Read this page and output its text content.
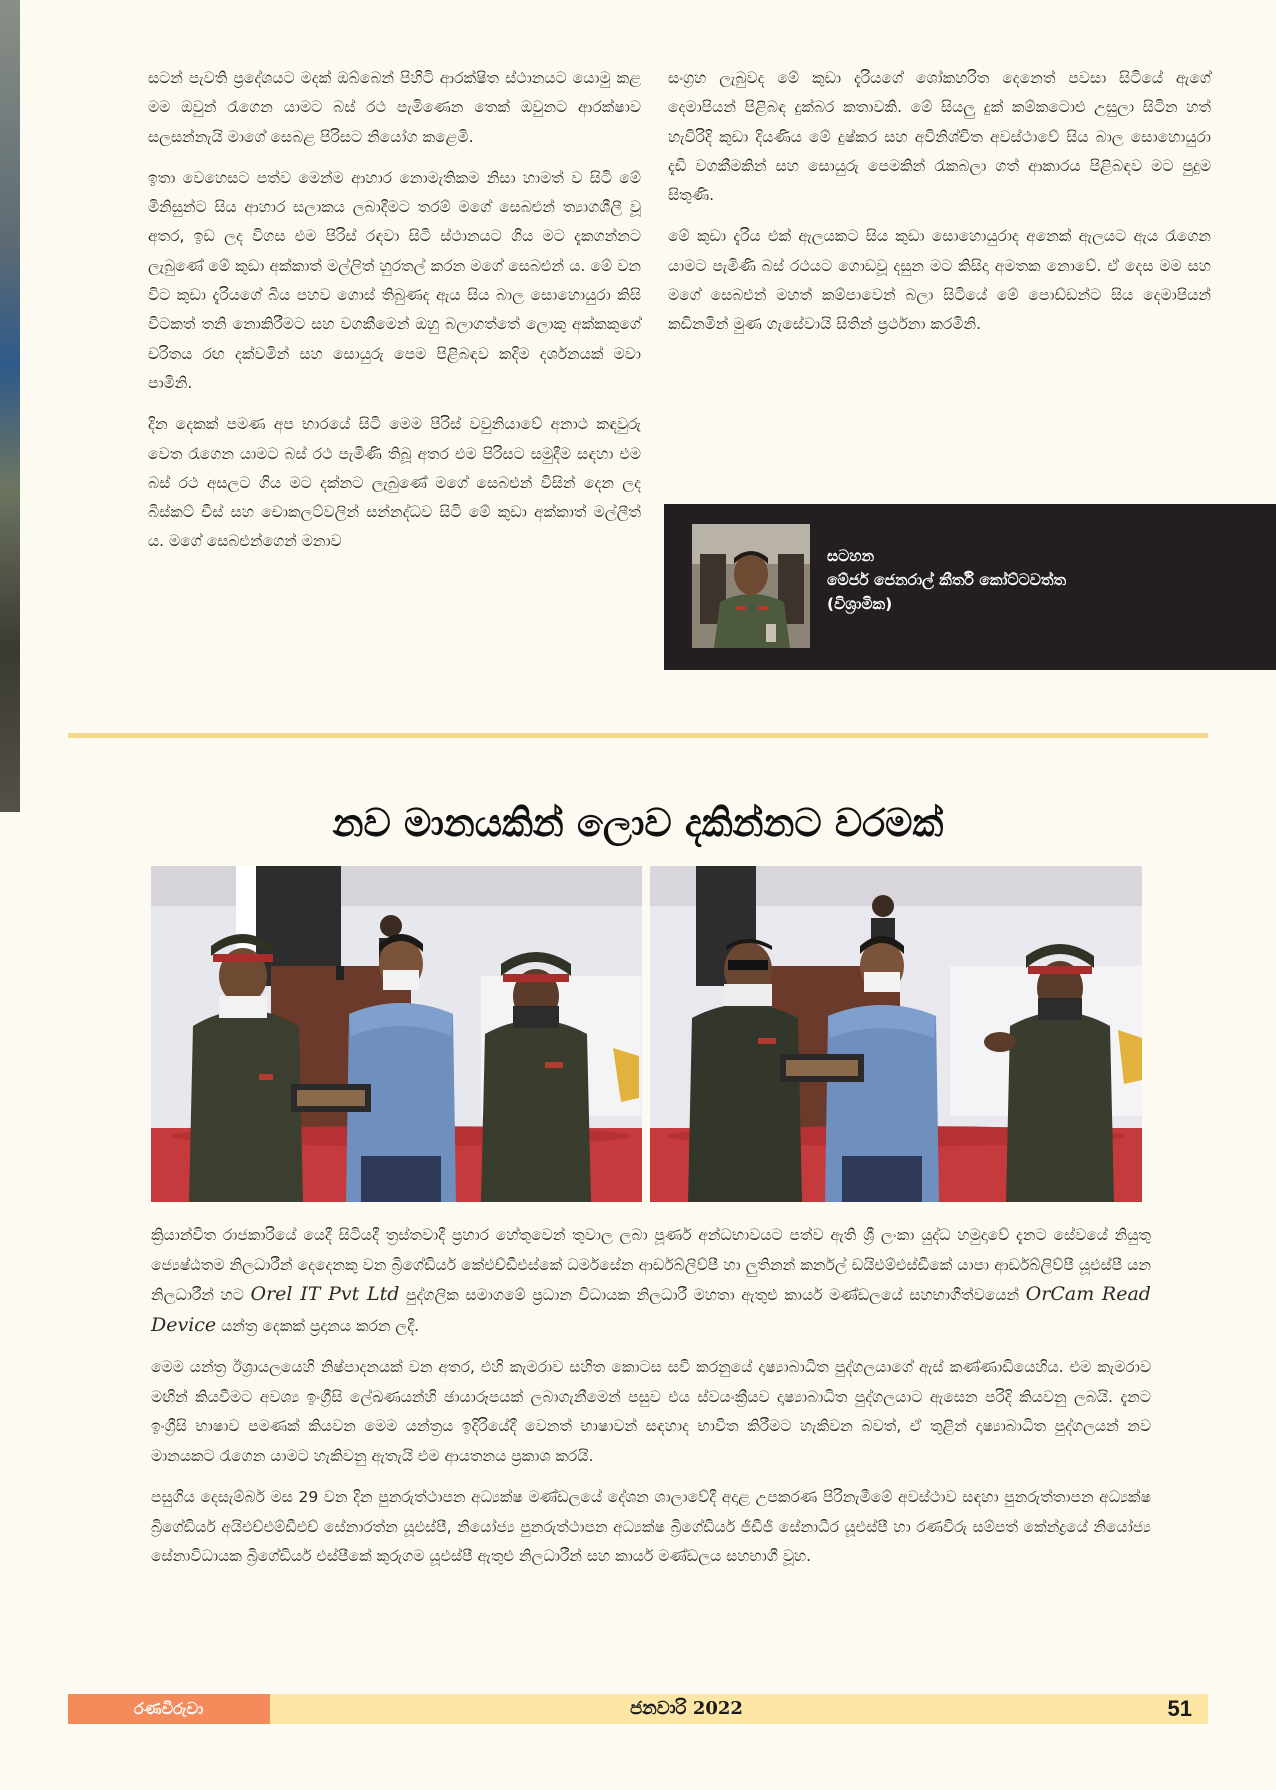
සටන් පැවති ප්‍රදේශයට මදක් ඔබ්බෙන් පිහිටි ආරක්ෂිත ස්ථානයට යොමු කළ මම ඔවුන් රැගෙන යාමට බස් රථ පැමිණෙන තෙක් ඔවුනට ආරක්ෂාව සලසන්නැයි මාගේ සෙබළ පිරිසට නියෝග කළෙමි.

ඉතා වෙහෙසට පත්ව මෙන්ම ආහාර නොමැතිකම නිසා හාමත් ව සිටි මේ මිනිසුන්ට සිය ආහාර සලාකය ලබාදීමට තරම් මගේ සෙබළුන් ත්‍යාගශීලී වූ අතර, ඉඩ ලද විගස එම පිරිස් රඳවා සිටි ස්ථානයට ගිය මට දැකගන්නට ලැබුණේ මේ කුඩා අක්කාත් මල්ලිත් හුරතල් කරන මගේ සෙබළුන් ය. මේ වන විට කුඩා දැරියගේ බිය පහව ගොස් තිබුණද ඇය සිය බාල සොහොයුරා කිසි විටකත් තනි නොකිරීමට සහ වගකීමෙන් ඔහු බලාගත්තේ ලොකු අක්කකුගේ චරිතය රඟ දක්වමින් සහ සොයුරු පෙම පිළිබඳව කදිම දර්ශනයක් මවා පාමිනි.

දින දෙකක් පමණ අප භාරයේ සිටි මෙම පිරිස් වවුනියාවේ අනාථ කඳවුරු වෙත රැගෙන යාමට බස් රථ පැමිණි තිබූ අතර එම පිරිසට සමුදීම සඳහා එම බස් රථ අසලට ගිය මට දක්නට ලැබුණේ මගේ සෙබළුන් විසින් දෙන ලද බිස්කට් චීස් සහ චොකලට්වලින් සන්නද්ධව සිටි මේ කුඩා අක්කාත් මල්ලීත් ය. මගේ සෙබළුන්ගෙන් මනාව

සංග්‍රහ ලැබුවද මේ කුඩා දැරියගේ ශෝකහරිත දෙනෙත් පවසා සිටියේ ඇගේ දෙමාපියන් පිළිබඳ දුක්බර කතාවකි. මේ සියලු දුක් කම්කටොළු උසුලා සිටින හත් හැවිරිදි කුඩා දියණිය මේ දුෂ්කර සහ අවිනිශ්චිත අවස්ථාවේ සිය බාල සොහොයුරා දැඩි වගකීමකින් සහ සොයුරු පෙමකින් රැකබලා ගත් ආකාරය පිළිබඳව මට පුදුම සිතුණි.

මේ කුඩා දැරිය එක් ඇලයකට සිය කුඩා සොහොයුරාද අනෙක් ඇලයට ඇය රැගෙන යාමට පැමිණි බස් රථයට ගොඩවූ දසුන මට කිසිදා අමතක නොවේ. ඒ දෙස මම සහ මගේ සෙබළුන් මහත් කම්පාවෙන් බලා සිටියේ මේ පොඩ්ඩන්ට සිය දෙමාපියන් කඩිනමින් මුණ ගැසේවායි සිතින් ප්‍රර්ථනා කරමිනි.

සටහන
මේජර් ජෙනරාල් කීර්ති කෝට්ටවත්ත
(විශ්‍රාමික)
නව මානයකින් ලොව දකින්නට වරමක්

ක්‍රියාන්විත රාජකාරියේ යෙදී සිටියදී ත්‍රස්තවාදී ප්‍රහාර හේතුවෙන් තුවාල ලබා පූර්ණ අන්ධභාවයට පත්ව ඇති ශ්‍රී ලංකා යුද්ධ හමුදාවේ දැනට සේවයේ නියුතු ජ්‍යෙෂ්ඨතම නිලධාරීන් දෙදෙනකු වන බ්‍රිගේඩියර් කේඑච්ඩීඑස්කේ ධර්මසේන ආර්ඩබ්ලිව්පී හා ලුතිනන් කර්නල් ඩයිඑම්එස්ඩීකේ යාපා ආර්ඩබ්ලිව්පී යූඑස්පී යන නිලධාරීන් හට Orel IT Pvt Ltd පුද්ගලික සමාගමේ ප්‍රධාන විධායක නිලධාරී මහතා ඇතුළු කාර්ය මණ්ඩලයේ සහභාගීත්වයෙන් OrCam Read Device යන්ත්‍ර දෙකක් ප්‍රදානය කරන ලදී.

මෙම යන්ත්‍ර ඊශ්‍රායලයෙහි නිෂ්පාදනයක් වන අතර, එහි කැමරාව සහිත කොටස සවි කරනුයේ දෘෂ්‍යාබාධිත පුද්ගලයාගේ ඇස් කණ්ණාඩියෙහිය. එම කැමරාව මඟින් කියවීමට අවශ්‍ය ඉංග්‍රීසි ලේඛණයන්හි ඡායාරූපයක් ලබාගැනීමෙන් පසුව එය ස්වයංක්‍රීයව දෘෂ්‍යාබාධිත පුද්ගලයාට ඇසෙන පරිදි කියවනු ලබයි. දැනට ඉංග්‍රීසි භාෂාව පමණක් කියවන මෙම යන්ත්‍රය ඉදිරියේදී වෙනත් භාෂාවන් සඳහාද භාවිත කිරීමට හැකිවන බවත්, ඒ තුළින් දෘෂ්‍යාබාධිත පුද්ගලයන් නව මානයකට රැගෙන යාමට හැකිවනු ඇතැයි එම ආයතනය ප්‍රකාශ කරයි.

පසුගිය දෙසැම්බර් මස 29 වන දින පුනරුත්ථාපන අධ්‍යක්ෂ මණ්ඩලයේ දේශන ශාලාවේදී අදාළ උපකරණ පිරිනැමීමේ අවස්ථාව සඳහා පුනරුත්තාපන අධ්‍යක්ෂ බ්‍රිගේඩියර් අයිඑච්එම්ඩීඑච් සේනාරත්න යූඑස්පී, නියෝජ්‍ය පුනරුත්ථාපන අධ්‍යක්ෂ බ්‍රිගේඩියර් ජීඩීජී සේනාධීර යූඑස්පී හා රණවිරු සම්පත් කේන්ද්‍රයේ නියෝජ්‍ය සේනාවිධායක බ්‍රිගේඩියර් එස්පීකේ කුරුගම යූඑස්පී ඇතුළු නිලධාරීන් සහ කාර්ය මණ්ඩලය සහභාගී වූහ.

රණවිරුවා	ජනවාරි 2022	51
